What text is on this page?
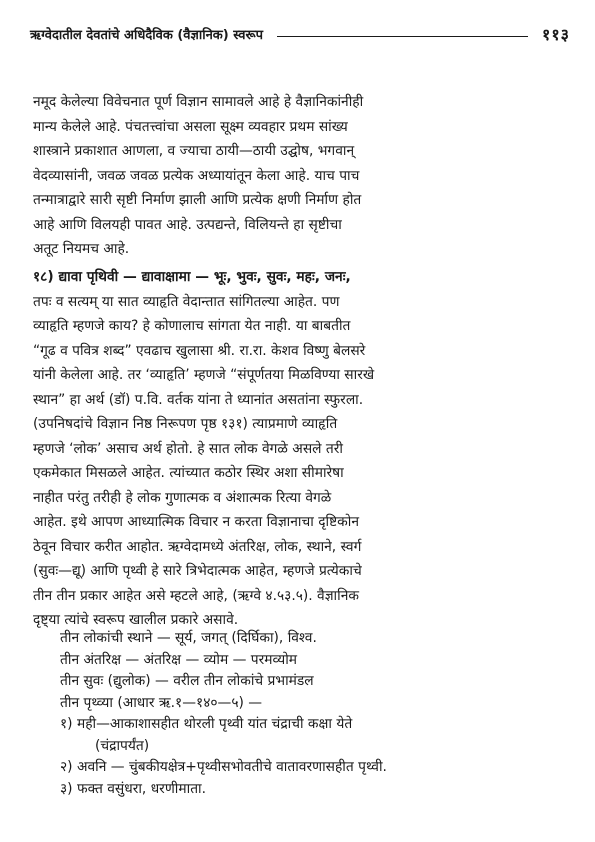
ऋग्वेदातील देवतांचे अधिदैविक (वैज्ञानिक) स्वरूप	११३
नमूद केलेल्या विवेचनात पूर्ण विज्ञान सामावले आहे हे वैज्ञानिकांनीही
मान्य केलेले आहे. पंचतत्त्वांचा असला सूक्ष्म व्यवहार प्रथम सांख्य
शास्त्राने प्रकाशात आणला, व ज्याचा ठायी—ठायी उद्घोष, भगवान्
वेदव्यासांनी, जवळ जवळ प्रत्येक अध्यायांतून केला आहे. याच पाच
तन्मात्राद्वारे सारी सृष्टी निर्माण झाली आणि प्रत्येक क्षणी निर्माण होत
आहे आणि विलयही पावत आहे. उत्पद्यन्ते, विलियन्ते हा सृष्टीचा
अतूट नियमच आहे.
१८) द्यावा पृथिवी — द्यावाक्षामा — भूः, भुवः, सुवः, महः, जनः,
तपः व सत्यम् या सात व्याहृति वेदान्तात सांगितल्या आहेत. पण
व्याहृति म्हणजे काय? हे कोणालाच सांगता येत नाही. या बाबतीत
“गूढ व पवित्र शब्द” एवढाच खुलासा श्री. रा.रा. केशव विष्णु बेलसरे
यांनी केलेला आहे. तर ‘व्याहृति’ म्हणजे “संपूर्णतया मिळविण्या सारखे
स्थान” हा अर्थ (डॉ) प.वि. वर्तक यांना ते ध्यानांत असतांना स्फुरला.
(उपनिषदांचे विज्ञान निष्ठ निरूपण पृष्ठ १३१) त्याप्रमाणे व्याहृति
म्हणजे ‘लोक’ असाच अर्थ होतो. हे सात लोक वेगळे असले तरी
एकमेकात मिसळले आहेत. त्यांच्यात कठोर स्थिर अशा सीमारेषा
नाहीत परंतु तरीही हे लोक गुणात्मक व अंशात्मक रित्या वेगळे
आहेत. इथे आपण आध्यात्मिक विचार न करता विज्ञानाचा दृष्टिकोन
ठेवून विचार करीत आहोत. ऋग्वेदामध्ये अंतरिक्ष, लोक, स्थाने, स्वर्ग
(सुवः—द्यू) आणि पृथ्वी हे सारे त्रिभेदात्मक आहेत, म्हणजे प्रत्येकाचे
तीन तीन प्रकार आहेत असे म्हटले आहे, (ऋग्वे ४.५३.५). वैज्ञानिक
दृष्ट्या त्यांचे स्वरूप खालील प्रकारे असावे.
तीन लोकांची स्थाने — सूर्य, जगत् (दिर्घिका), विश्व.
तीन अंतरिक्ष — अंतरिक्ष — व्योम — परमव्योम
तीन सुवः (द्युलोक) — वरील तीन लोकांचे प्रभामंडल
तीन पृथ्व्या (आधार ऋ.१—१४०—५) —
१) मही—आकाशासहीत थोरली पृथ्वी यांत चंद्राची कक्षा येते
(चंद्रापर्यंत)
२) अवनि — चुंबकीयक्षेत्र+पृथ्वीसभोवतीचे वातावरणासहीत पृथ्वी.
३) फक्त वसुंधरा, धरणीमाता.
